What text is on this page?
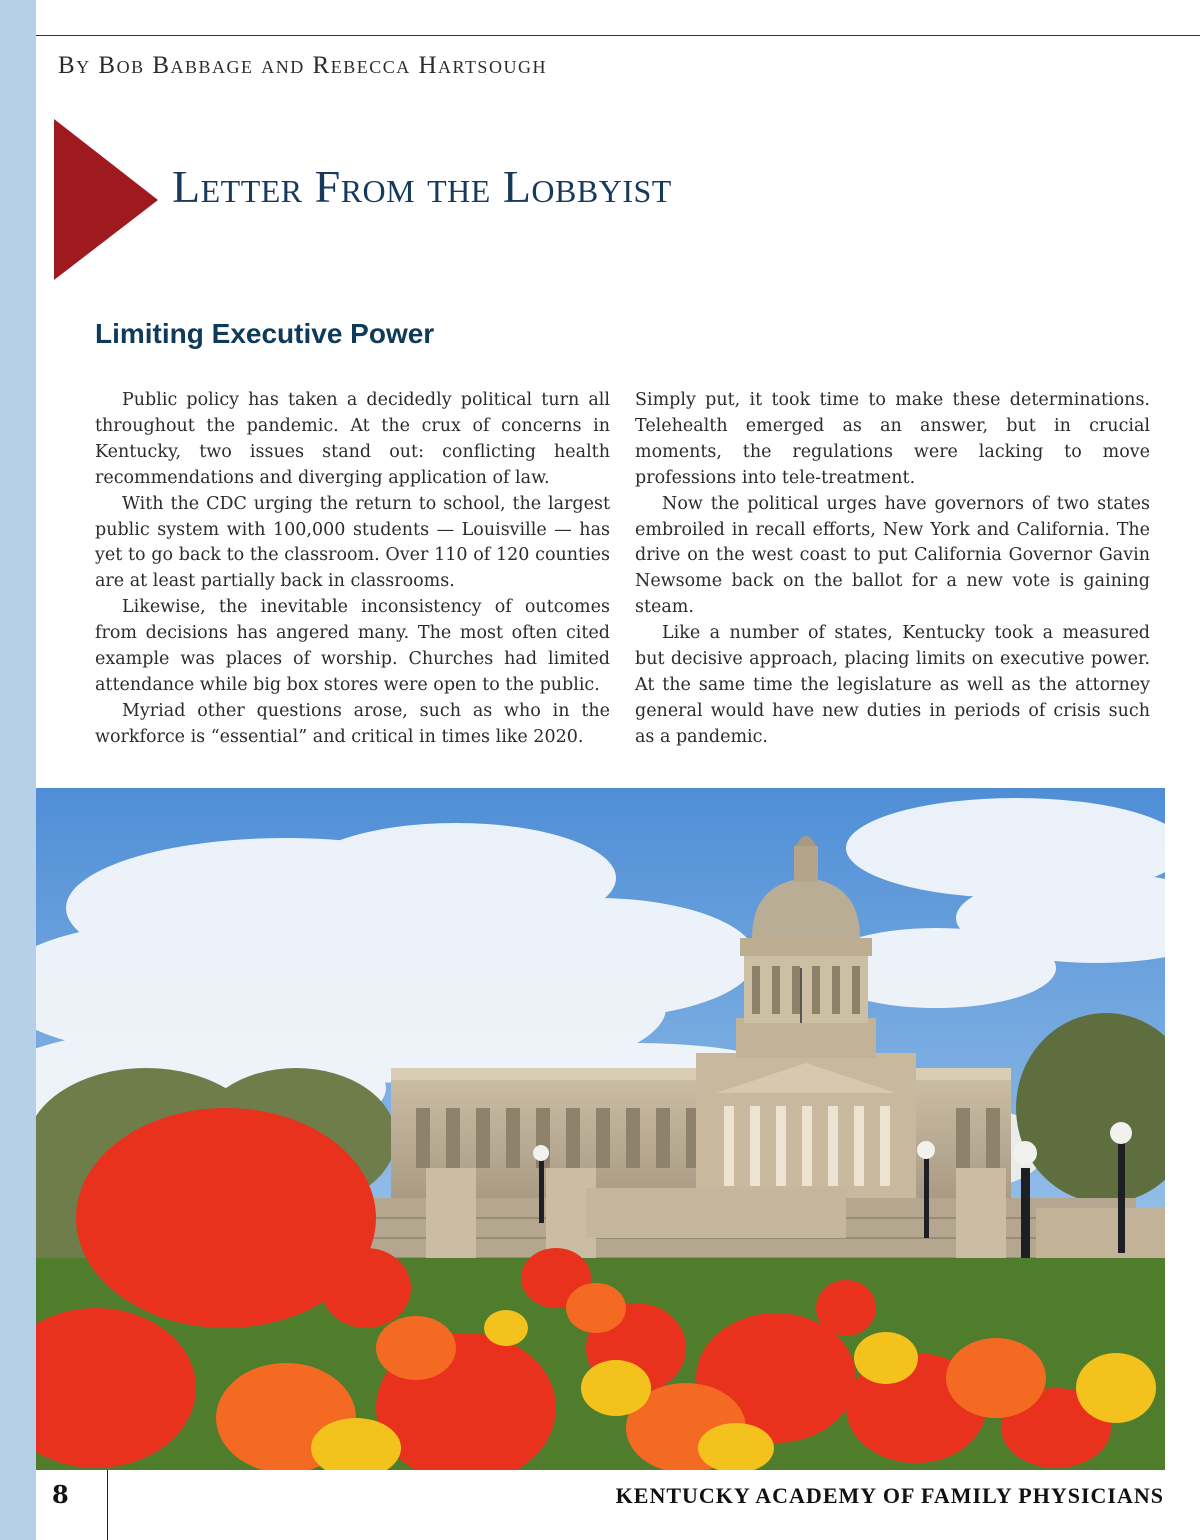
By Bob Babbage and Rebecca Hartsough

Letter From the Lobbyist
Limiting Executive Power

Public policy has taken a decidedly political turn all throughout the pandemic. At the crux of concerns in Kentucky, two issues stand out: conflicting health recommendations and diverging application of law.

With the CDC urging the return to school, the largest public system with 100,000 students — Louisville — has yet to go back to the classroom. Over 110 of 120 counties are at least partially back in classrooms.

Likewise, the inevitable inconsistency of outcomes from decisions has angered many. The most often cited example was places of worship. Churches had limited attendance while big box stores were open to the public.

Myriad other questions arose, such as who in the workforce is “essential” and critical in times like 2020.

Simply put, it took time to make these determinations. Telehealth emerged as an answer, but in crucial moments, the regulations were lacking to move professions into tele-treatment.

Now the political urges have governors of two states embroiled in recall efforts, New York and California. The drive on the west coast to put California Governor Gavin Newsome back on the ballot for a new vote is gaining steam.

Like a number of states, Kentucky took a measured but decisive approach, placing limits on executive power. At the same time the legislature as well as the attorney general would have new duties in periods of crisis such as a pandemic.

8	KENTUCKY ACADEMY OF FAMILY PHYSICIANS
